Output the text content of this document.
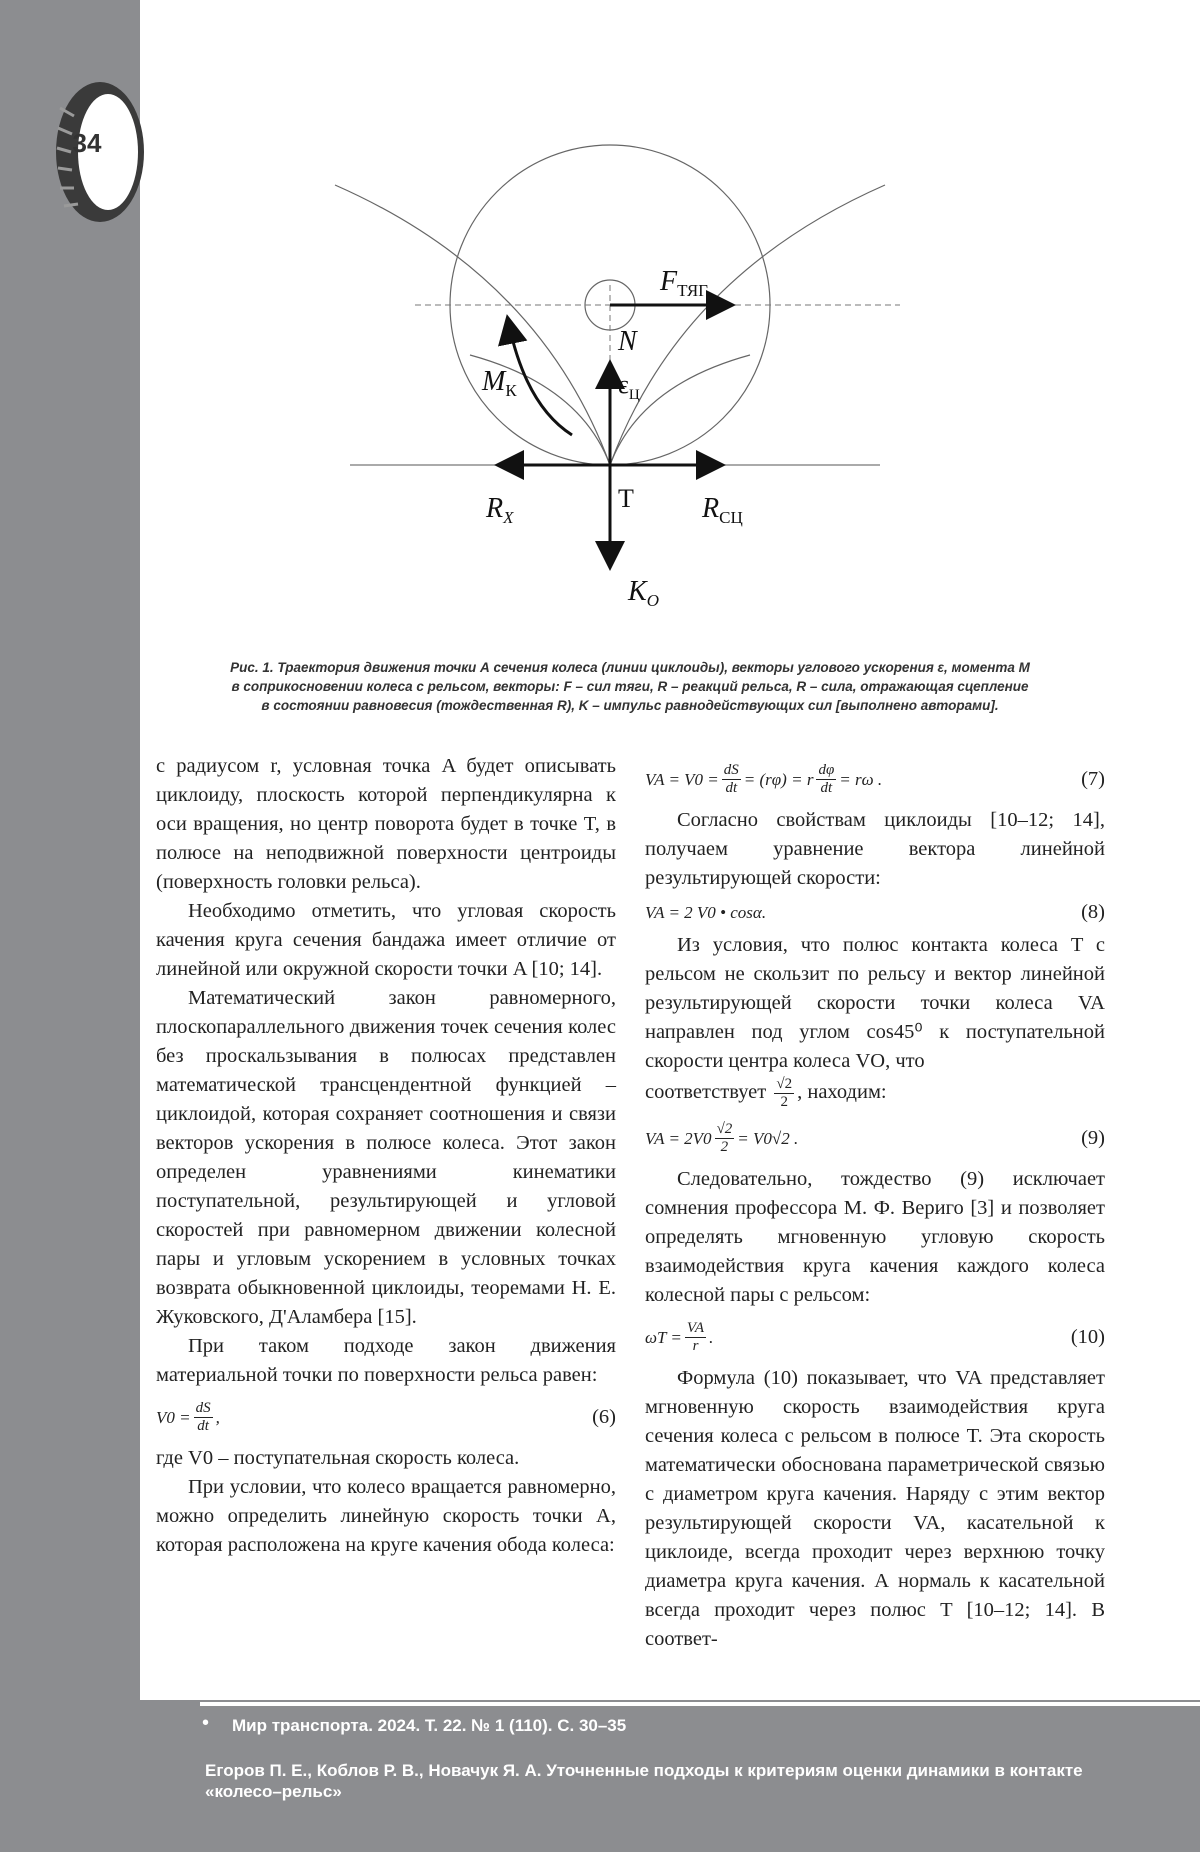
34
$F_{ТЯГ}$
N
$\varepsilon_Ц$
$M_К$
$R_X$
Т $R_{СЦ}$
$K_O$
Рис. 1. Траектория движения точки А сечения колеса (линии циклоиды), векторы углового ускорения ε, момента M
в соприкосновении колеса с рельсом, векторы: F – сил тяги, R – реакций рельса, R – сила, отражающая сцепление
в состоянии равновесия (тождественная R), K – импульс равнодействующих сил [выполнено авторами].

с радиусом r, условная точка A будет описывать циклоиду, плоскость которой перпендикулярна к оси вращения, но центр поворота будет в точке T, в полюсе на неподвижной поверхности центроиды (поверхность головки рельса).

Необходимо отметить, что угловая скорость качения круга сечения бандажа имеет отличие от линейной или окружной скорости точки A [10; 14].

Математический закон равномерного, плоскопараллельного движения точек сечения колес без проскальзывания в полюсах представлен математической трансцендентной функцией – циклоидой, которая сохраняет соотношения и связи векторов ускорения в полюсе колеса. Этот закон определен уравнениями кинематики поступательной, результирующей и угловой скоростей при равномерном движении колесной пары и угловым ускорением в условных точках возврата обыкновенной циклоиды, теоремами Н. Е. Жуковского, Д'Аламбера [15].

При таком подходе закон движения материальной точки по поверхности рельса равен:

$V0 = \frac{dS}{dt}$ ,	(6)

где V0 – поступательная скорость колеса.

При условии, что колесо вращается равномерно, можно определить линейную скорость точки A, которая расположена на круге качения обода колеса:

VA = $V0 = \frac{dS}{dt} = (r\varphi) = r \frac{d\varphi}{dt} = r\omega$ .	(7)

Согласно свойствам циклоиды [10–12; 14], получаем уравнение вектора линейной результирующей скорости:

VA = 2 V0 • cosα.	(8)

Из условия, что полюс контакта колеса T с рельсом не скользит по рельсу и вектор линейной результирующей скорости точки колеса VA направлен под углом cos45⁰ к поступательной скорости центра колеса VO, что

соответствует $\frac{√2}{2}$ , находим:

VA = $2V0 \frac{√2}{2} = V0√2$ .	(9)

Следовательно, тождество (9) исключает сомнения профессора М. Ф. Вериго [3] и позволяет определять мгновенную угловую скорость взаимодействия круга качения каждого колеса колесной пары с рельсом:

$\omega T = \frac{VA}{r}$ .	(10)

Формула (10) показывает, что VA представляет мгновенную скорость взаимодействия круга сечения колеса с рельсом в полюсе T. Эта скорость математически обоснована параметрической связью с диаметром круга качения. Наряду с этим вектор результирующей скорости VA, касательной к циклоиде, всегда проходит через верхнюю точку диаметра круга качения. А нормаль к касательной всегда проходит через полюс T [10–12; 14]. В соответ-

• Мир транспорта. 2024. Т. 22. № 1 (110). С. 30–35
Егоров П. Е., Коблов Р. В., Новачук Я. А. Уточненные подходы к критериям оценки динамики в контакте «колесо–рельс»
